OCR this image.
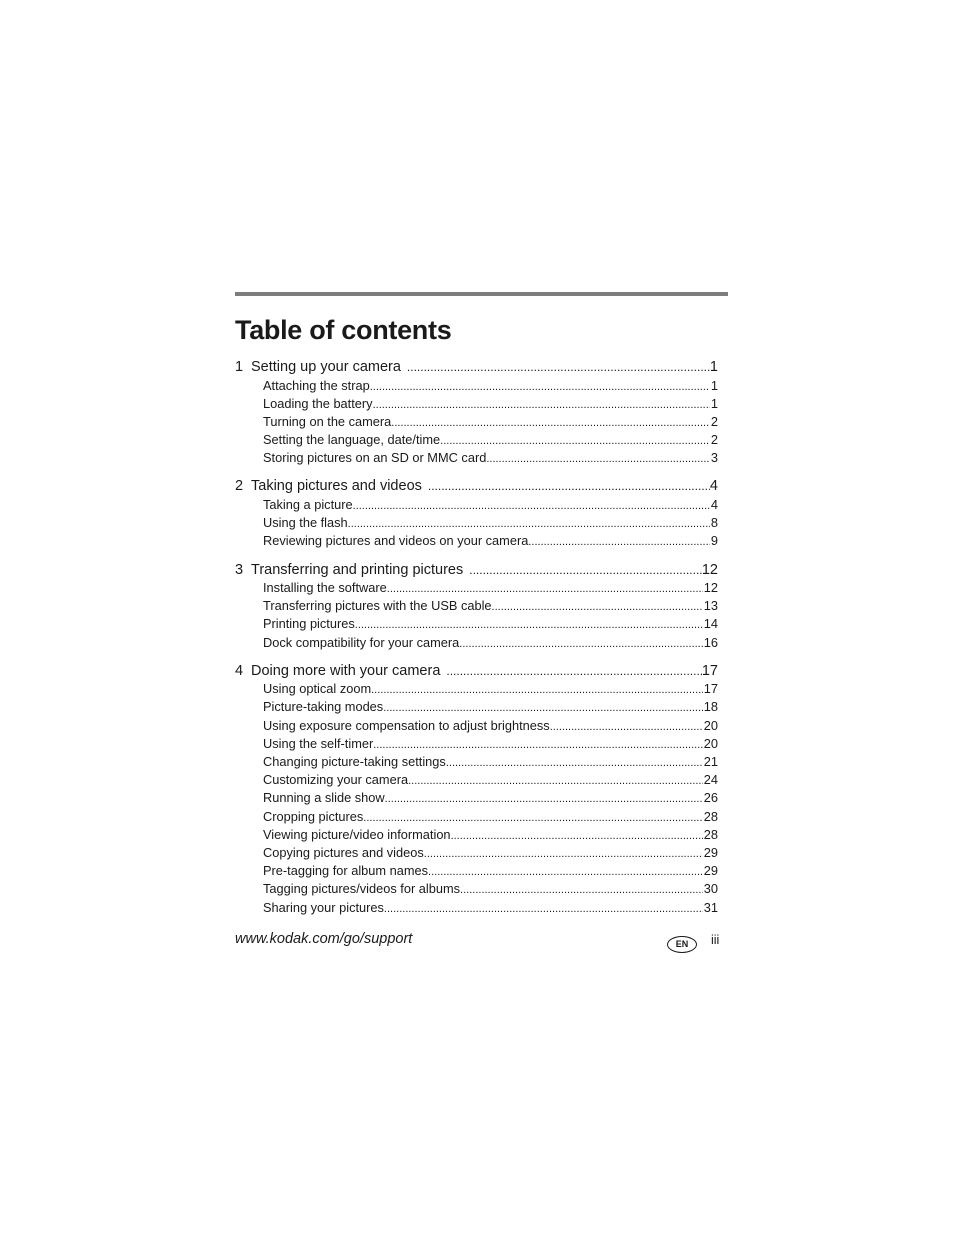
Table of contents
1 Setting up your camera .....	1
Attaching the strap .....	1
Loading the battery .....	1
Turning on the camera .....	2
Setting the language, date/time .....	2
Storing pictures on an SD or MMC card .....	3
2 Taking pictures and videos .....	4
Taking a picture .....	4
Using the flash .....	8
Reviewing pictures and videos on your camera .....	9
3 Transferring and printing pictures .....	12
Installing the software .....	12
Transferring pictures with the USB cable .....	13
Printing pictures .....	14
Dock compatibility for your camera .....	16
4 Doing more with your camera .....	17
Using optical zoom .....	17
Picture-taking modes .....	18
Using exposure compensation to adjust brightness .....	20
Using the self-timer .....	20
Changing picture-taking settings .....	21
Customizing your camera .....	24
Running a slide show .....	26
Cropping pictures .....	28
Viewing picture/video information .....	28
Copying pictures and videos .....	29
Pre-tagging for album names .....	29
Tagging pictures/videos for albums .....	30
Sharing your pictures .....	31
www.kodak.com/go/support	EN	iii
